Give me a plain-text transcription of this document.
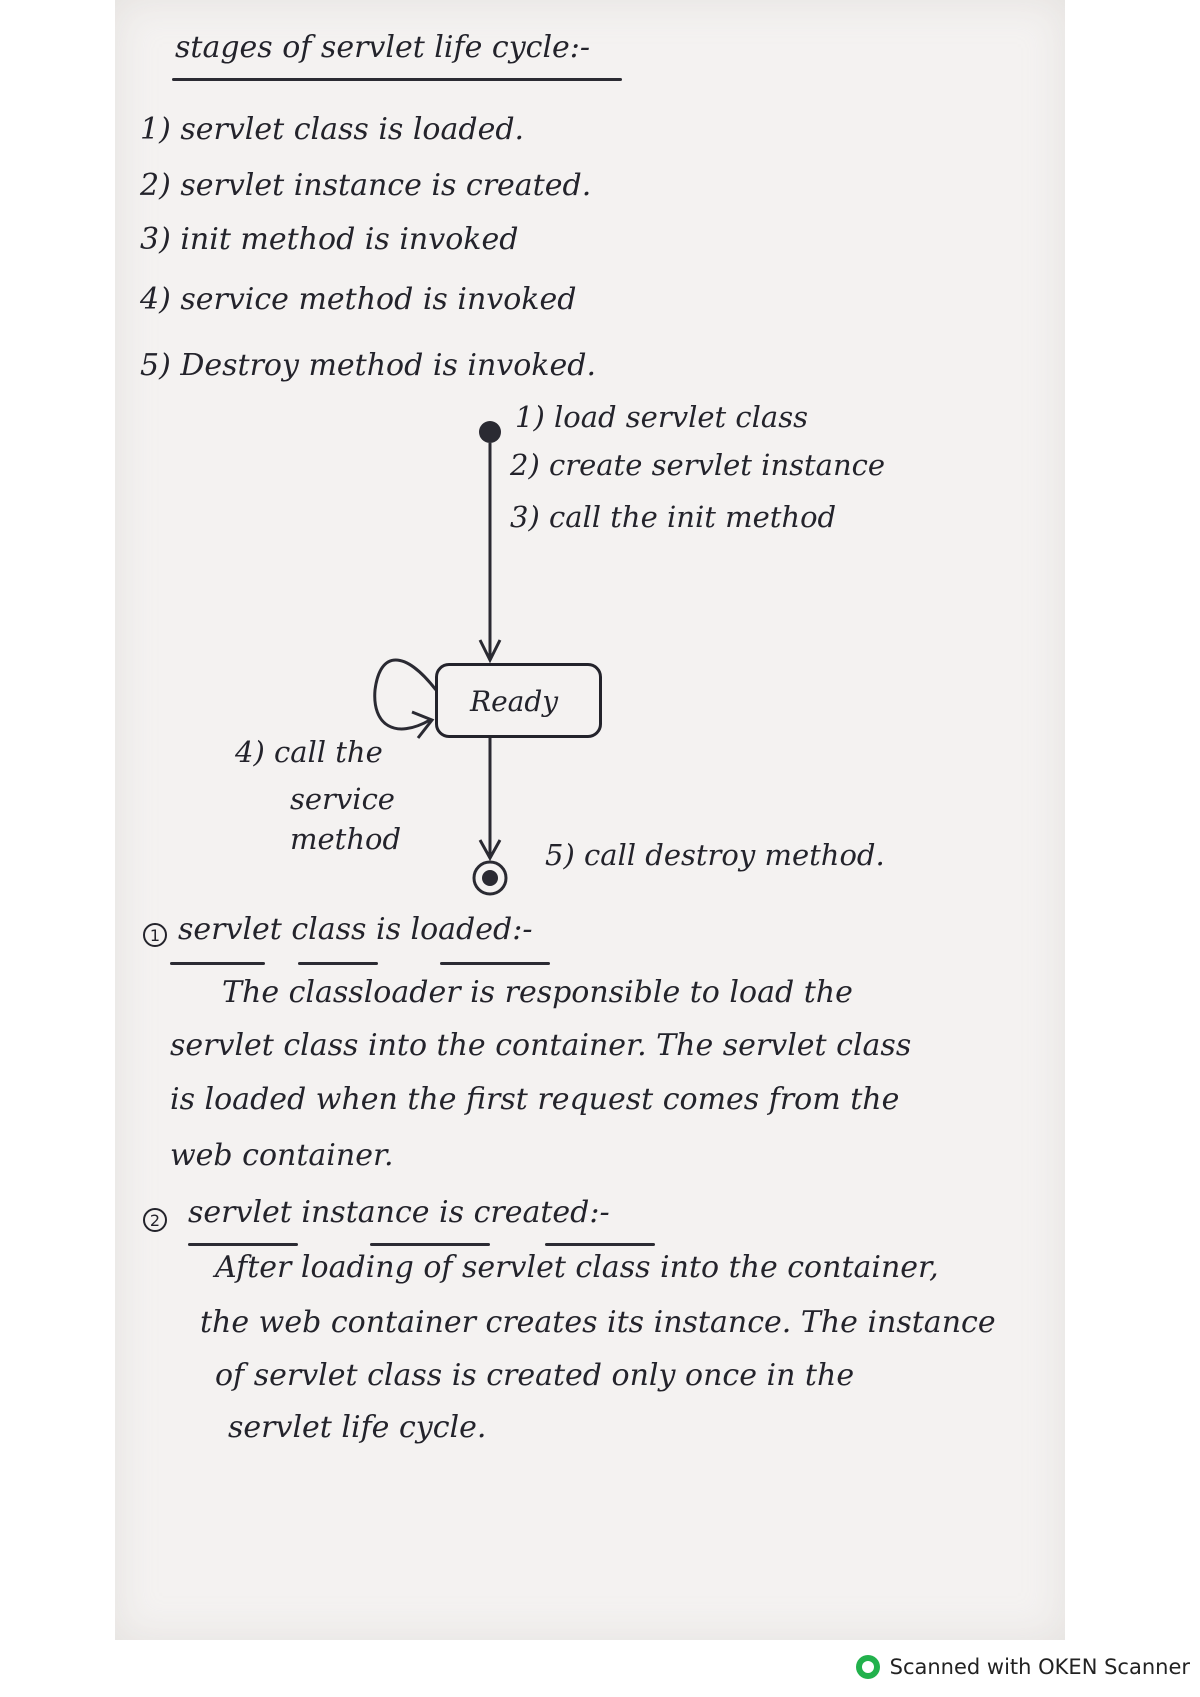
stages of servlet life cycle:-
1) servlet class is loaded.
2) servlet instance is created.
3) init method is invoked
4) service method is invoked
5) Destroy method is invoked.
1) load servlet class
2) create servlet instance
3) call the init method
Ready
4) call the
service
method	5) call destroy method.
1 servlet class is loaded:-
The classloader is responsible to load the
servlet class into the container. The servlet class
is loaded when the first request comes from the
web container.
2 servlet instance is created:-
After loading of servlet class into the container,
the web container creates its instance. The instance
of servlet class is created only once in the
servlet life cycle.
Scanned with OKEN Scanner
